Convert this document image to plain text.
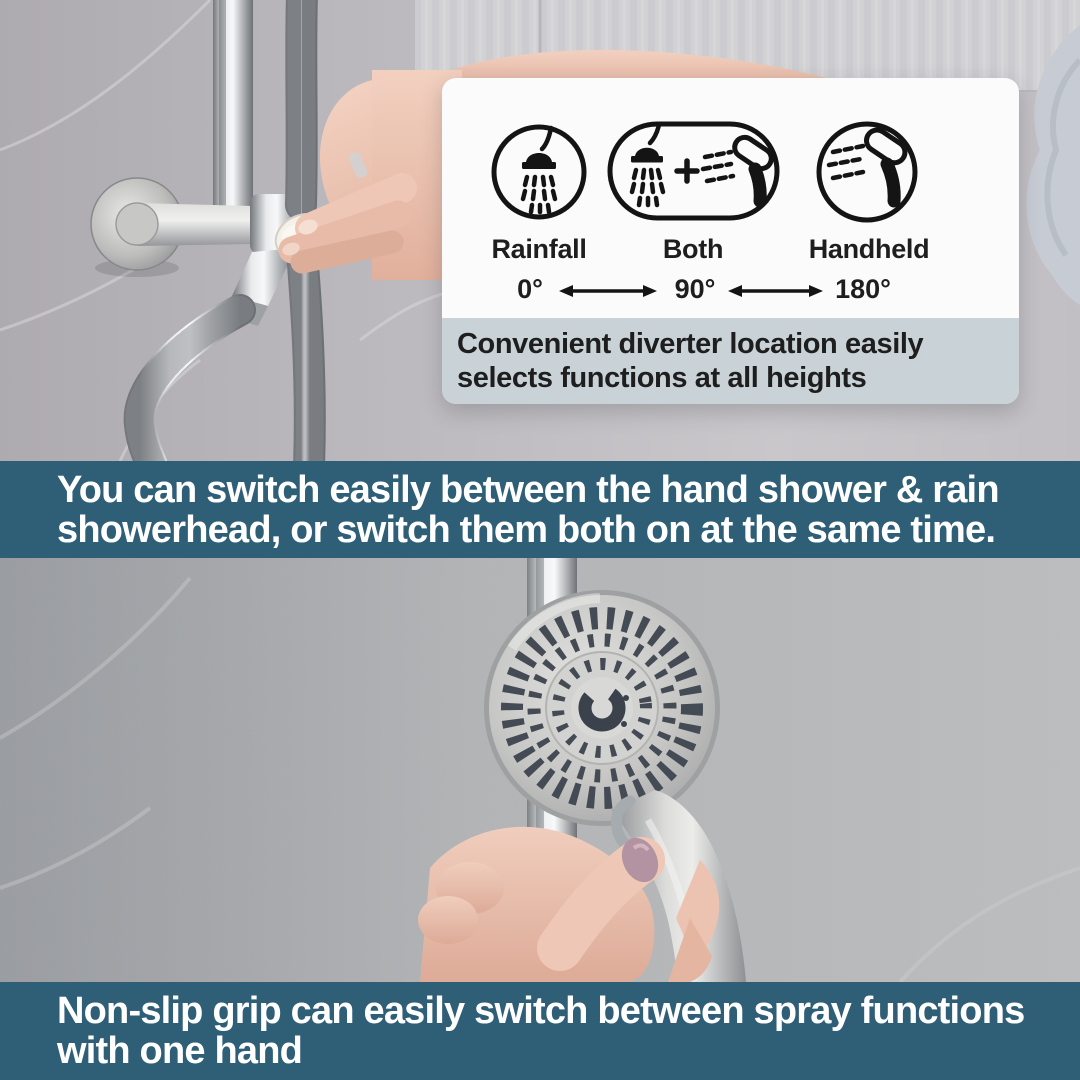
Rainfall	Both	Handheld
0°	90°	180°
Convenient diverter location easily
selects functions at all heights
You can switch easily between the hand shower & rain
showerhead, or switch them both on at the same time.
Non-slip grip can easily switch between spray functions
with one hand
